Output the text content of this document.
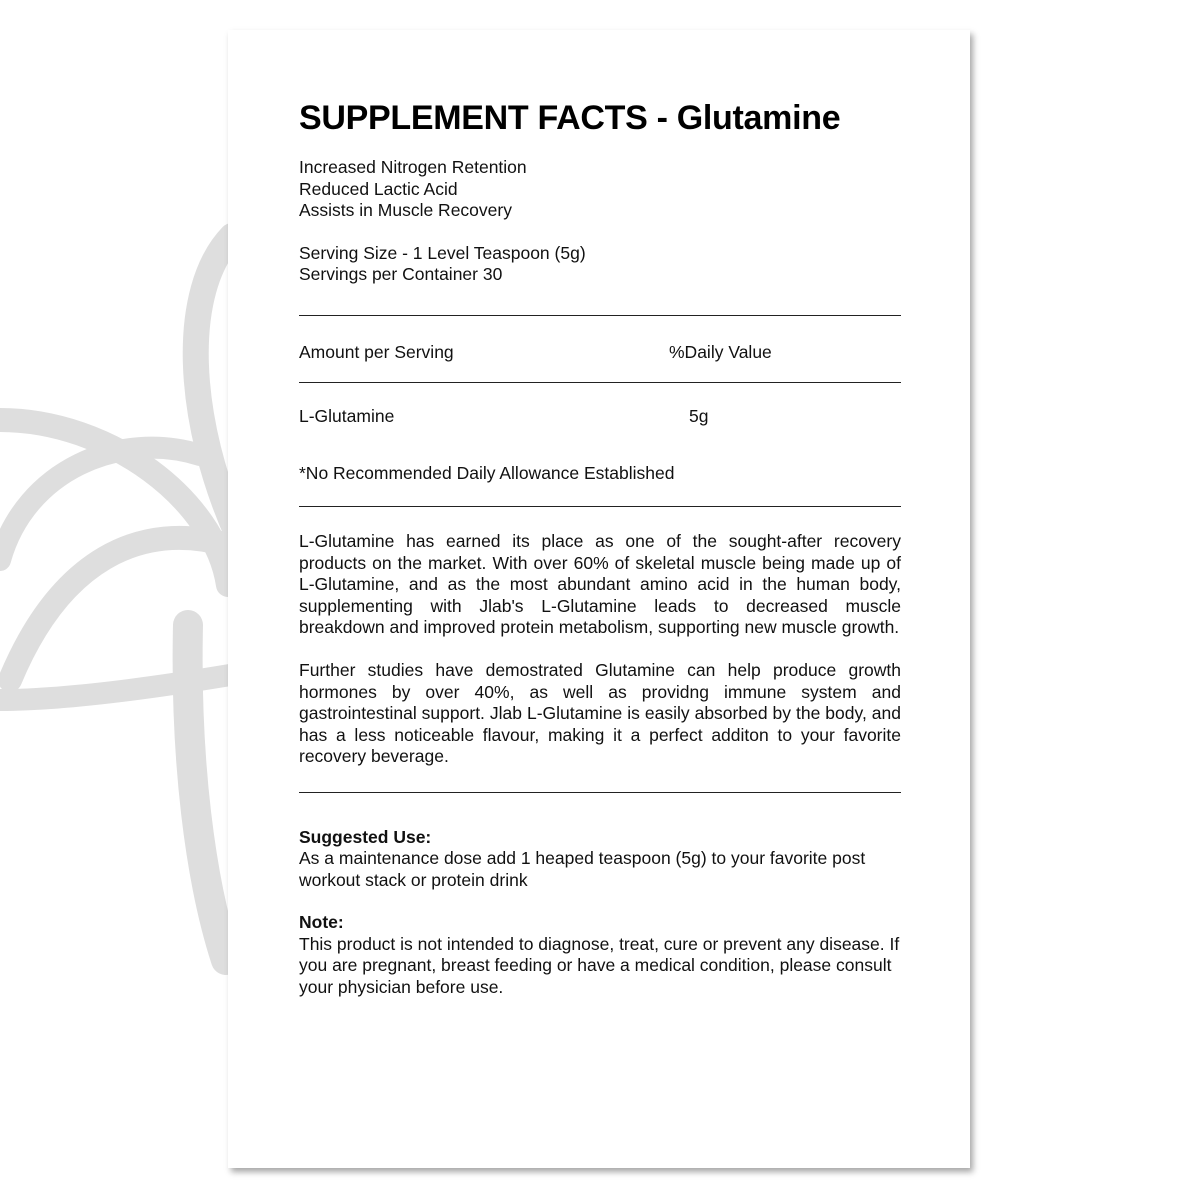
SUPPLEMENT FACTS - Glutamine
Increased Nitrogen Retention
Reduced Lactic Acid
Assists in Muscle Recovery
Serving Size - 1 Level Teaspoon (5g)
Servings per Container 30
Amount per Serving	%Daily Value
L-Glutamine	5g
*No Recommended Daily Allowance Established
L-Glutamine has earned its place as one of the sought-after recovery products on the market. With over 60% of skeletal muscle being made up of L-Glutamine, and as the most abundant amino acid in the human body, supplementing with Jlab's L-Glutamine leads to decreased muscle breakdown and improved protein metabolism, supporting new muscle growth.
Further studies have demostrated Glutamine can help produce growth hormones by over 40%, as well as providng immune system and gastrointestinal support. Jlab L-Glutamine is easily absorbed by the body, and has a less noticeable flavour, making it a perfect additon to your favorite recovery beverage.
Suggested Use:
As a maintenance dose add 1 heaped teaspoon (5g) to your favorite post workout stack or protein drink
Note:
This product is not intended to diagnose, treat, cure or prevent any disease. If you are pregnant, breast feeding or have a medical condition, please consult your physician before use.
